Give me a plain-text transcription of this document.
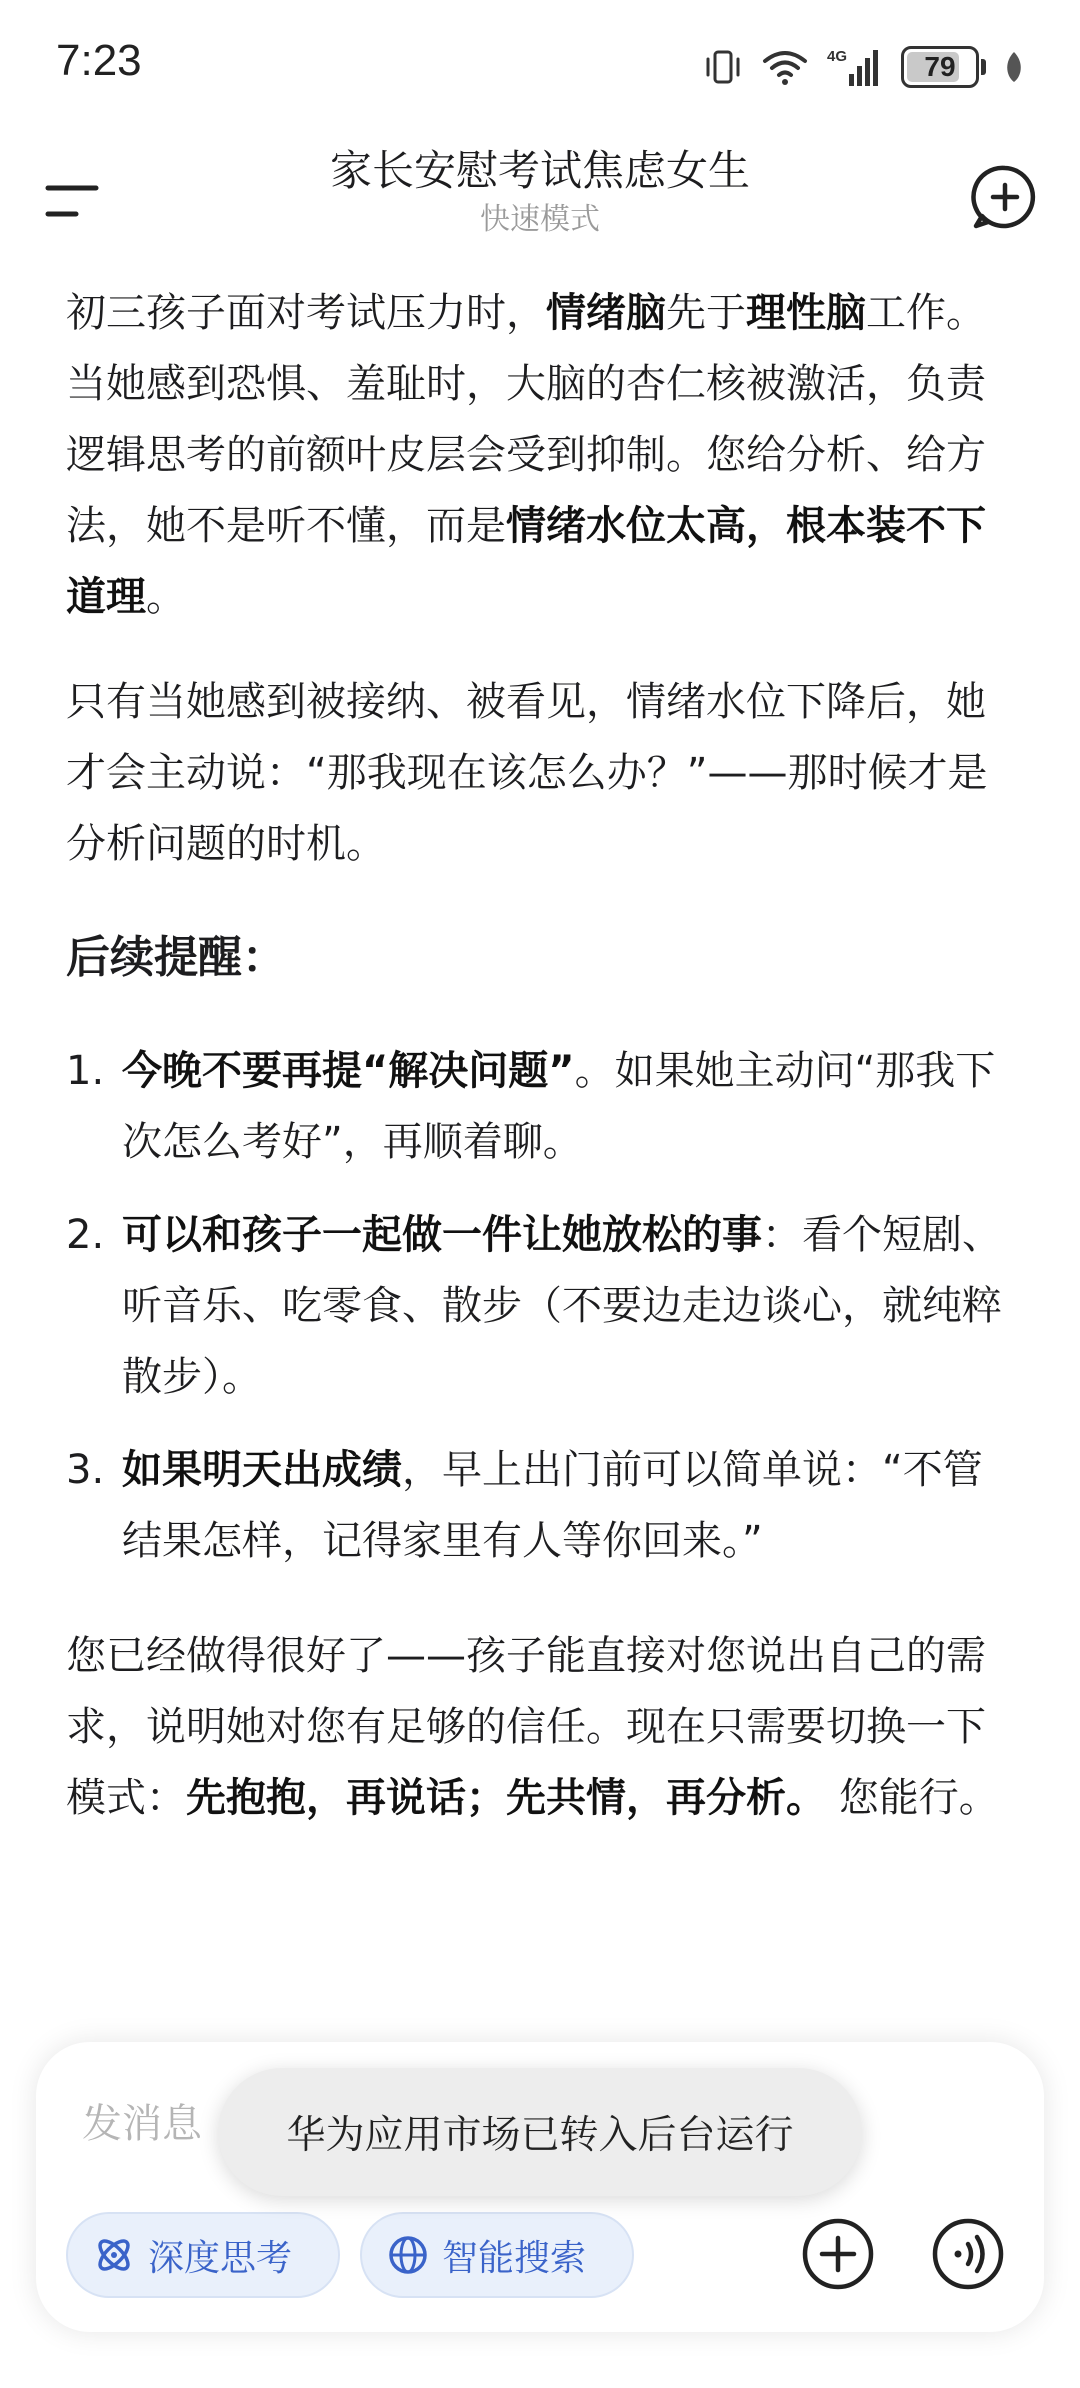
7:23	4G	79
家长安慰考试焦虑女生
快速模式

初三孩子面对考试压力时，情绪脑先于理性脑工作。当她感到恐惧、羞耻时，大脑的杏仁核被激活，负责逻辑思考的前额叶皮层会受到抑制。您给分析、给方法，她不是听不懂，而是情绪水位太高，根本装不下道理。

只有当她感到被接纳、被看见，情绪水位下降后，她才会主动说：“那我现在该怎么办？”——那时候才是分析问题的时机。

后续提醒：
1. 今晚不要再提“解决问题”。如果她主动问“那我下次怎么考好”，再顺着聊。
2. 可以和孩子一起做一件让她放松的事：看个短剧、听音乐、吃零食、散步（不要边走边谈心，就纯粹散步）。
3. 如果明天出成绩，早上出门前可以简单说：“不管结果怎样，记得家里有人等你回来。”

您已经做得很好了——孩子能直接对您说出自己的需求，说明她对您有足够的信任。现在只需要切换一下模式：先抱抱，再说话；先共情，再分析。 您能行。

发消息
深度思考	智能搜索
华为应用市场已转入后台运行
